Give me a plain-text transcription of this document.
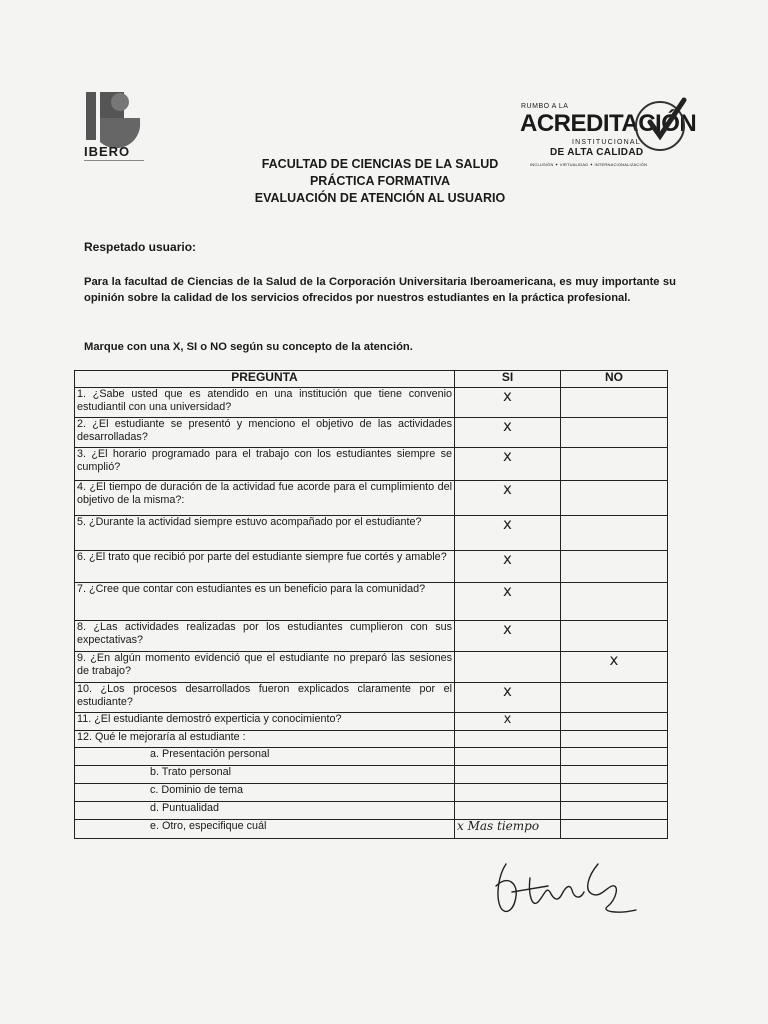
IBERO
RUMBO A LA
ACREDITACIÓN
INSTITUCIONAL
DE ALTA CALIDAD
INCLUSIÓN ✦ VIRTUALIDAD ✦ INTERNACIONALIZACIÓN
FACULTAD DE CIENCIAS DE LA SALUD
PRÁCTICA FORMATIVA
EVALUACIÓN DE ATENCIÓN AL USUARIO
Respetado usuario:
Para la facultad de Ciencias de la Salud de la Corporación Universitaria Iberoamericana, es muy importante su opinión sobre la calidad de los servicios ofrecidos por nuestros estudiantes en la práctica profesional.
Marque con una X, SI o NO según su concepto de la atención.
PREGUNTA	SI	NO
1. ¿Sabe usted que es atendido en una institución que tiene convenio estudiantil con una universidad?	x	

2. ¿El estudiante se presentó y menciono el objetivo de las actividades desarrolladas?	x	

3. ¿El horario programado para el trabajo con los estudiantes siempre se cumplió?	x	

4. ¿El tiempo de duración de la actividad fue acorde para el cumplimiento del objetivo de la misma?:	x	

5. ¿Durante la actividad siempre estuvo acompañado por el estudiante?	x	

6. ¿El trato que recibió por parte del estudiante siempre fue cortés y amable?	x	

7. ¿Cree que contar con estudiantes es un beneficio para la comunidad?	x	

8. ¿Las actividades realizadas por los estudiantes cumplieron con sus expectativas?	x	

9. ¿En algún momento evidenció que el estudiante no preparó las sesiones de trabajo?		x

10. ¿Los procesos desarrollados fueron explicados claramente por el estudiante?	x	

11. ¿El estudiante demostró experticia y conocimiento?	x	

12. Qué le mejoraría al estudiante :	

a. Presentación personal		
b. Trato personal		
c. Dominio de tema		
d. Puntualidad		
e. Otro, especifique cuál	x Mas tiempo	
